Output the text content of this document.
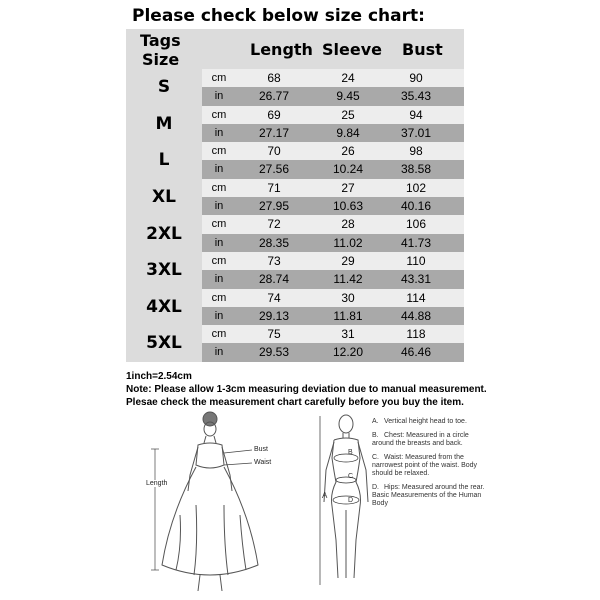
Please check below size chart:
Tags
Size
Length Sleeve Bust
S	cm	68	24	90
in	26.77	9.45	35.43
M	cm	69	25	94
in	27.17	9.84	37.01
L	cm	70	26	98
in	27.56	10.24	38.58
XL	cm	71	27	102
in	27.95	10.63	40.16
2XL	cm	72	28	106
in	28.35	11.02	41.73
3XL	cm	73	29	110
in	28.74	11.42	43.31
4XL	cm	74	30	114
in	29.13	11.81	44.88
5XL	cm	75	31	118
in	29.53	12.20	46.46
1inch=2.54cm
Note: Please allow 1-3cm measuring deviation due to manual measurement.
Plesae check the measurement chart carefully before you buy the item.
Bust
Waist
Length
A
B
C
D
A. Vertical height head to toe.
B. Chest: Measured in a circle around the breasts and back.
C. Waist: Measured from the narrowest point of the waist. Body should be relaxed.
D. Hips: Measured around the rear. Basic Measurements of the Human Body
